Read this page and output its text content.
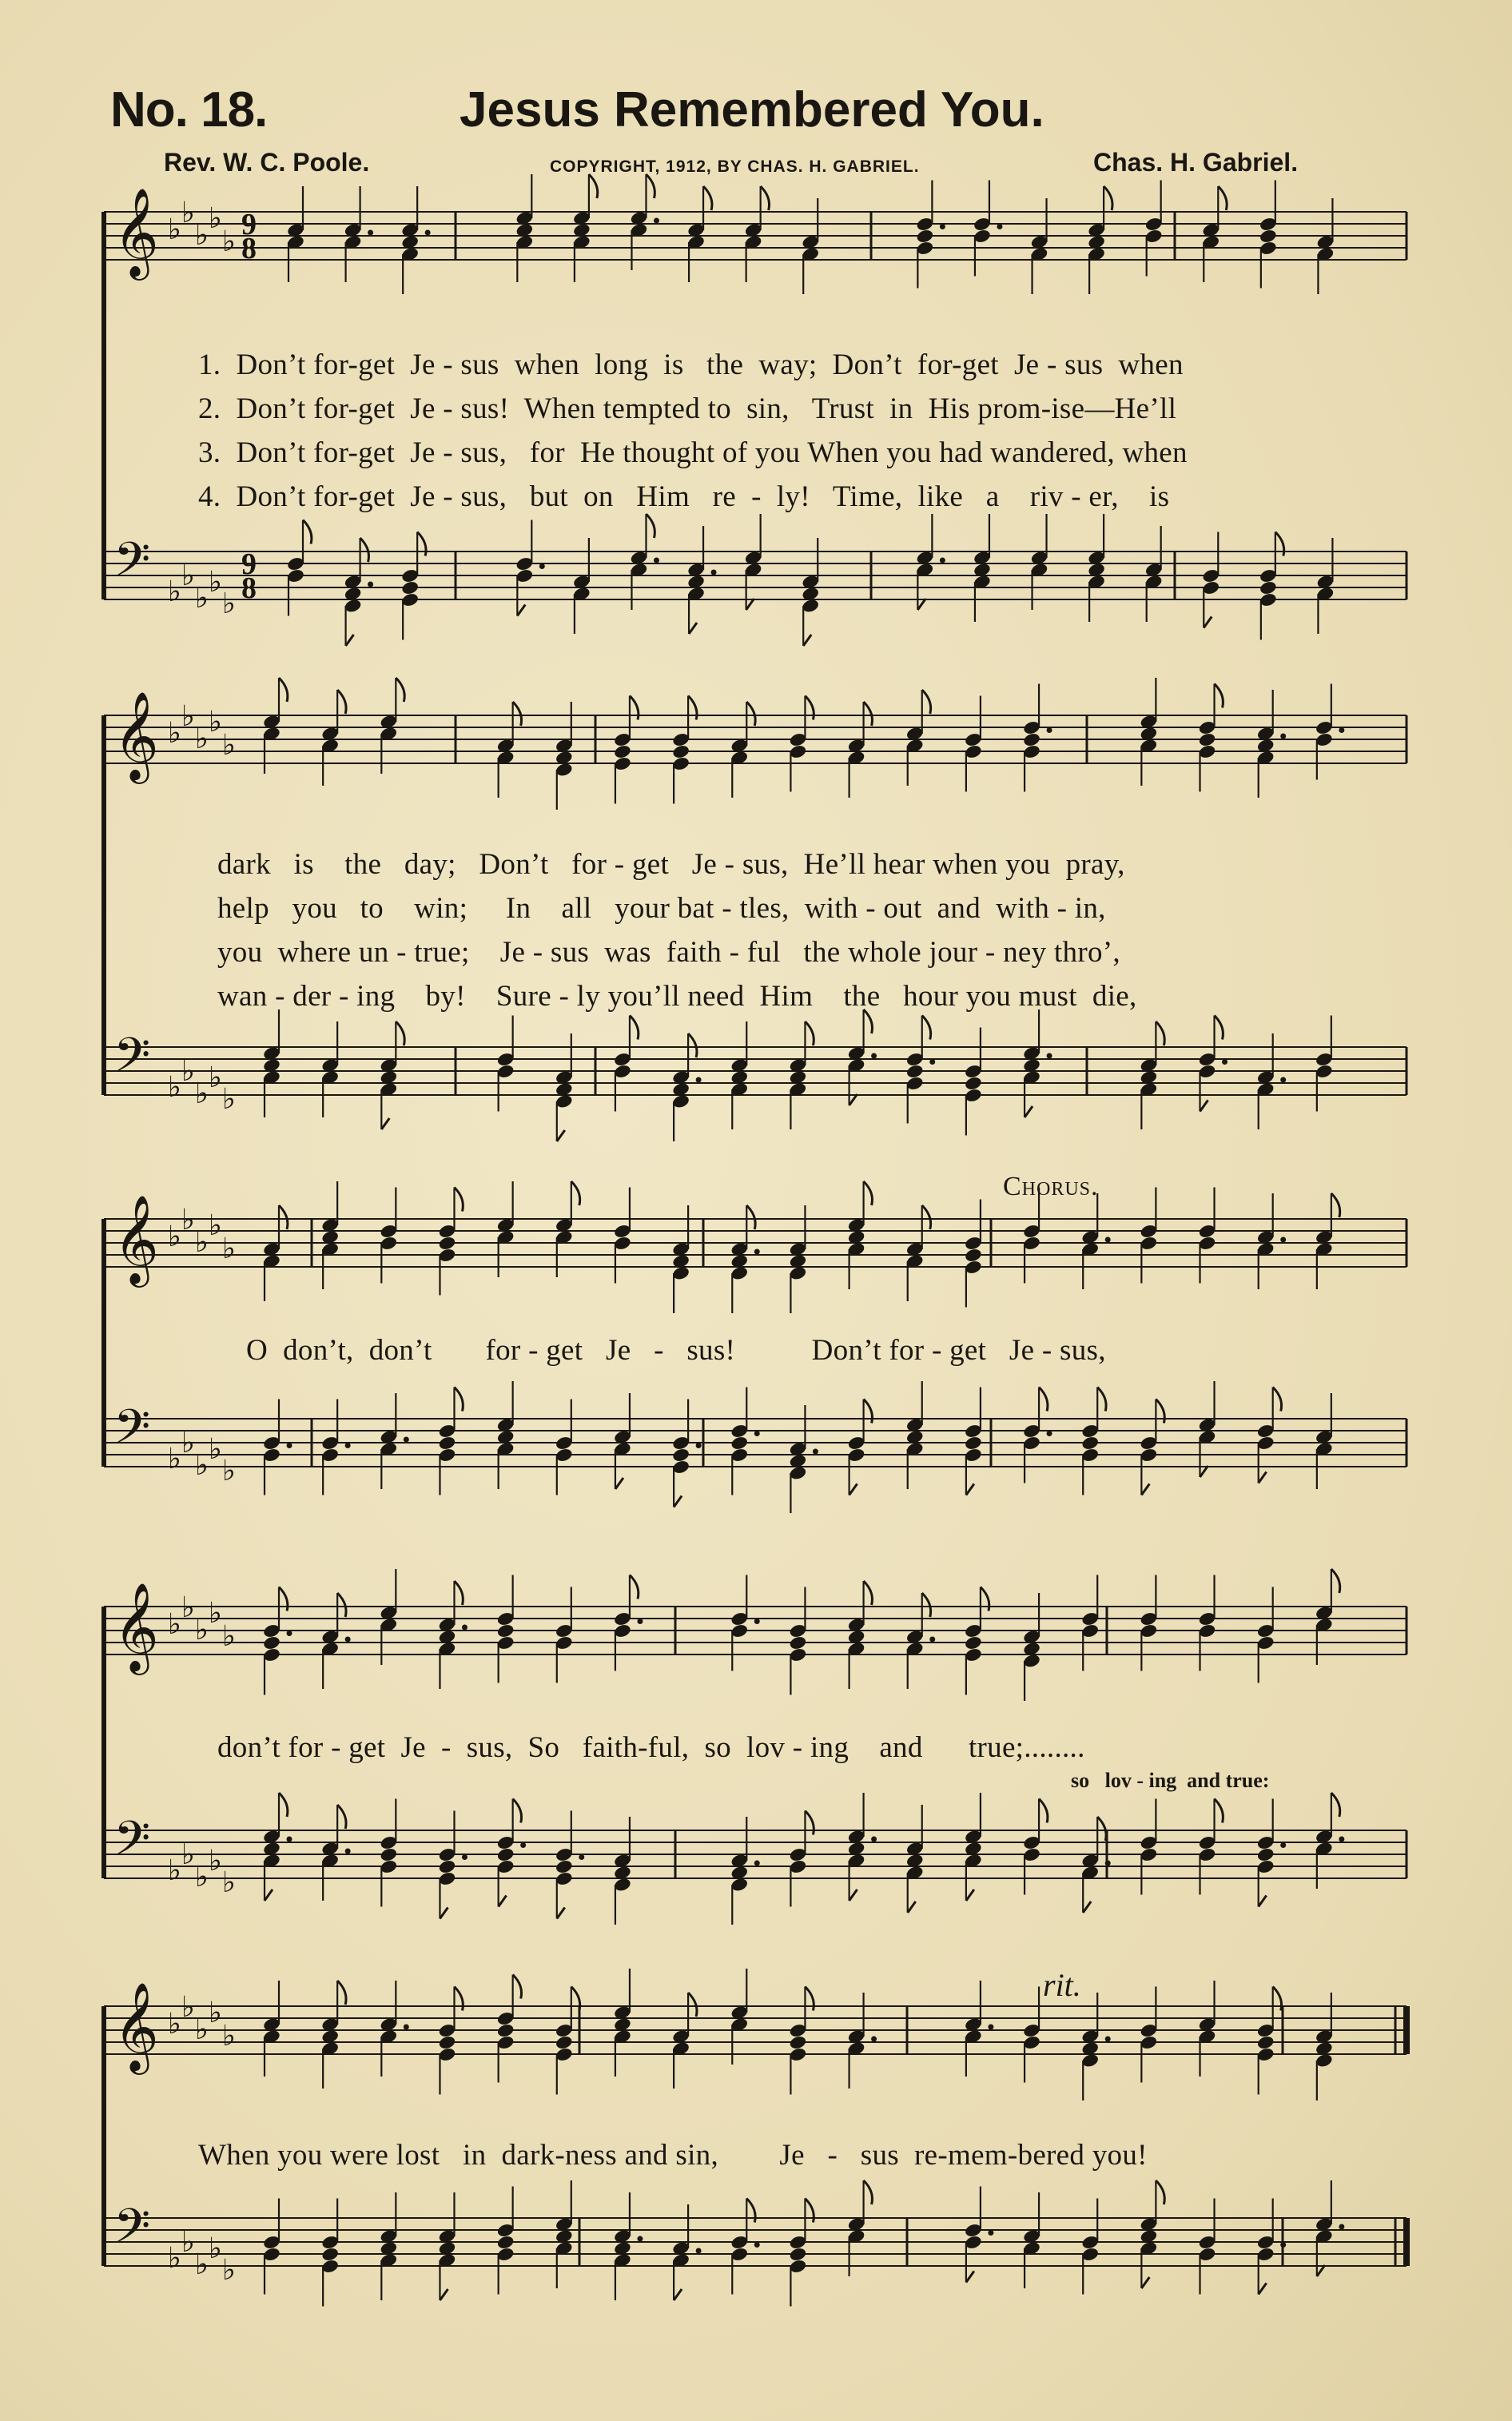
No. 18.	Jesus Remembered You.
Rev. W. C. Poole.	COPYRIGHT, 1912, BY CHAS. H. GABRIEL.	Chas. H. Gabriel.
𝄞 ♭
♭
♭
♭
♭
9
8
𝄢 ♭ ♭
♭ ♭
♭
9
8
𝄞 ♭
♭
♭
♭
♭
𝄢 ♭ ♭
♭ ♭
♭
𝄞 ♭
♭
♭
♭
♭
𝄢 ♭ ♭
♭ ♭
♭
𝄞 ♭
♭
♭
♭
♭
𝄢 ♭ ♭
♭ ♭
♭
𝄞 ♭
♭
♭
♭
♭
𝄢 ♭ ♭
♭ ♭
♭
1.  Don’t for-get  Je - sus  when  long  is   the  way;  Don’t  for-get  Je - sus  when
2.  Don’t for-get  Je - sus!  When tempted to  sin,   Trust  in  His prom-ise—He’ll
3.  Don’t for-get  Je - sus,   for  He thought of you When you had wandered, when
4.  Don’t for-get  Je - sus,   but  on   Him   re  -  ly!   Time,  like   a    riv - er,    is
dark   is    the   day;   Don’t   for - get   Je - sus,  He’ll hear when you  pray,
help   you   to    win;     In    all   your bat - tles,  with - out  and  with - in,
you  where un - true;    Je - sus  was  faith - ful   the whole jour - ney thro’,
wan - der - ing    by!    Sure - ly you’ll need  Him    the   hour you must  die,
Chorus.
O  don’t,  don’t       for - get   Je   -   sus!          Don’t for - get   Je - sus,
don’t for - get  Je  -  sus,  So   faith-ful,  so  lov - ing    and      true;........
so   lov - ing  and true:
rit.
When you were lost   in  dark-ness and sin,        Je   -   sus  re-mem-bered you!
